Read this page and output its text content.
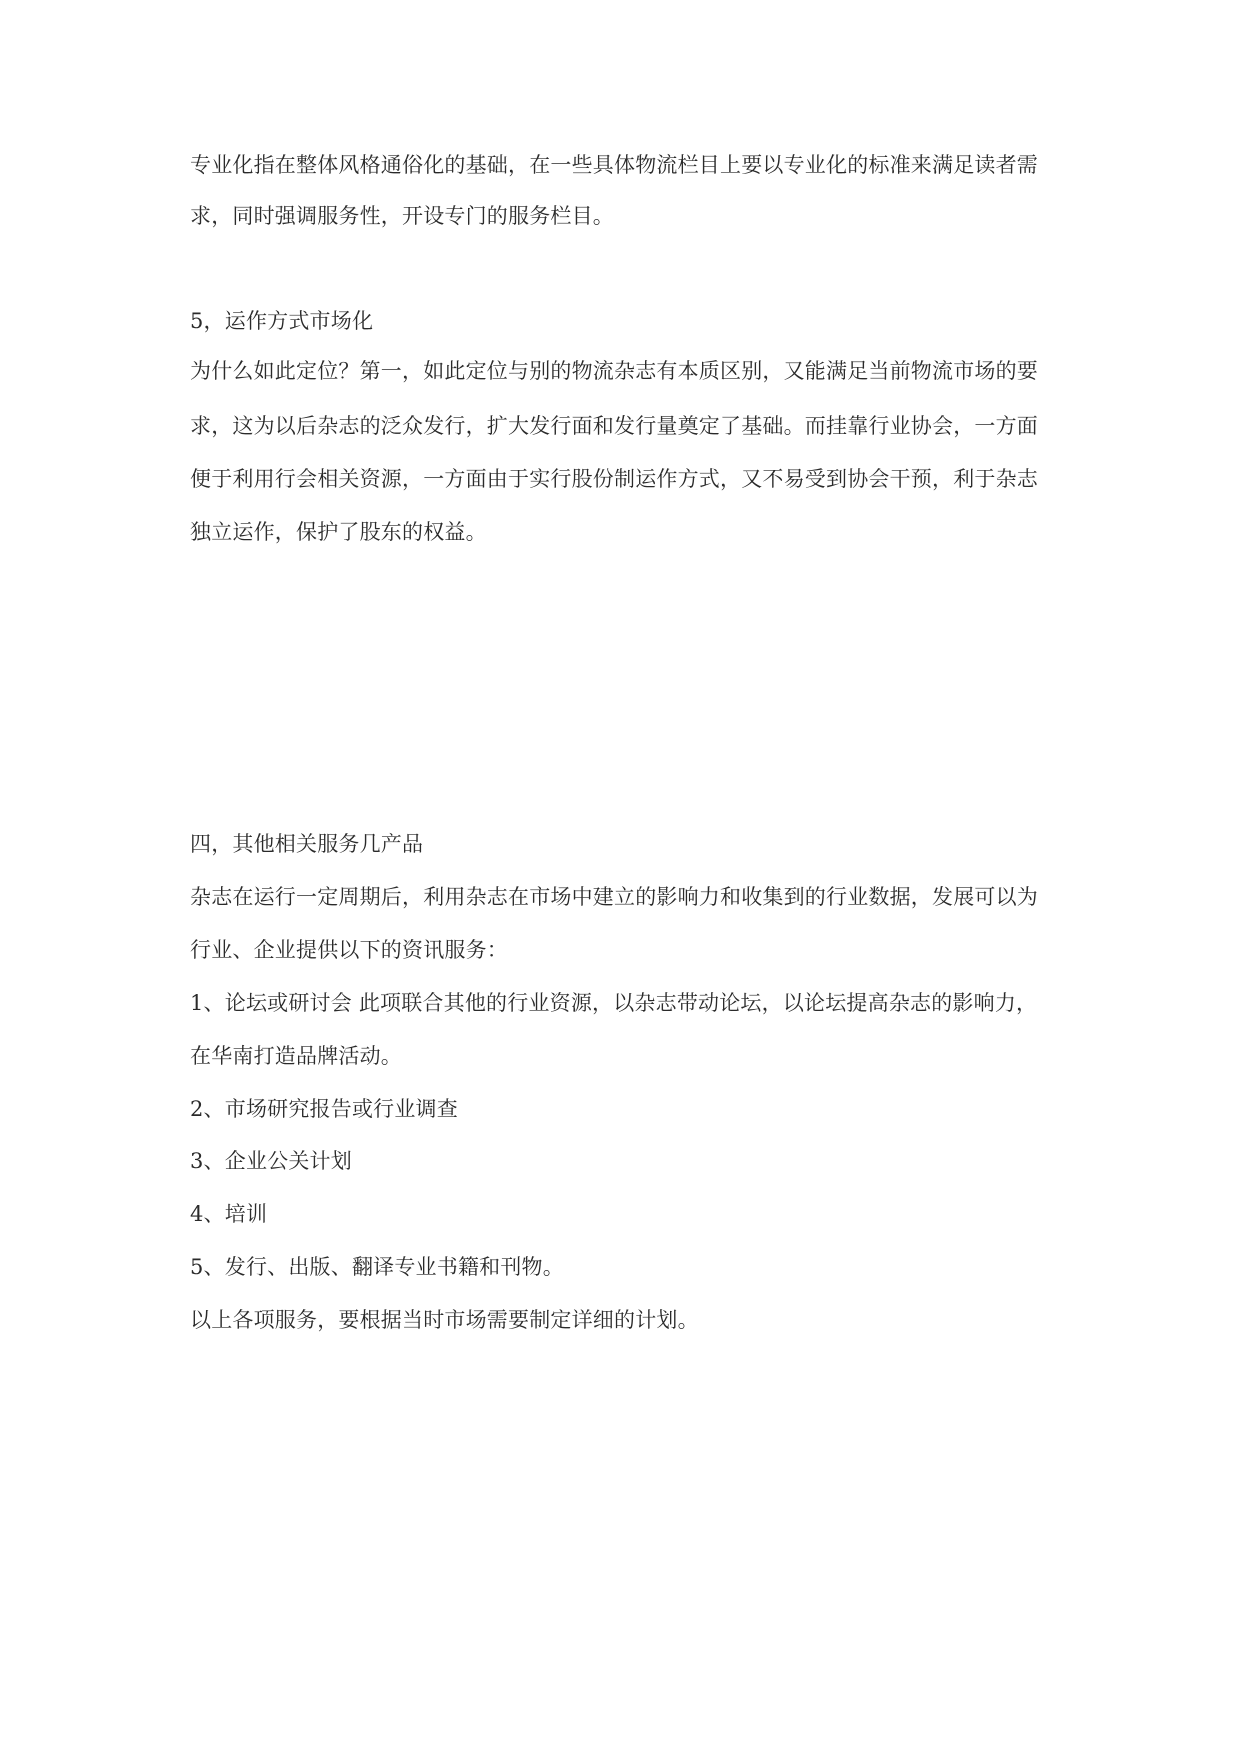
专业化指在整体风格通俗化的基础，在一些具体物流栏目上要以专业化的标准来满足读者需
求，同时强调服务性，开设专门的服务栏目。
5，运作方式市场化
为什么如此定位？第一，如此定位与别的物流杂志有本质区别，又能满足当前物流市场的要
求，这为以后杂志的泛众发行，扩大发行面和发行量奠定了基础。而挂靠行业协会，一方面
便于利用行会相关资源，一方面由于实行股份制运作方式，又不易受到协会干预，利于杂志
独立运作，保护了股东的权益。
四，其他相关服务几产品
杂志在运行一定周期后，利用杂志在市场中建立的影响力和收集到的行业数据，发展可以为
行业、企业提供以下的资讯服务：
1、论坛或研讨会 此项联合其他的行业资源，以杂志带动论坛，以论坛提高杂志的影响力，
在华南打造品牌活动。
2、市场研究报告或行业调查
3、企业公关计划
4、培训
5、发行、出版、翻译专业书籍和刊物。
以上各项服务，要根据当时市场需要制定详细的计划。
